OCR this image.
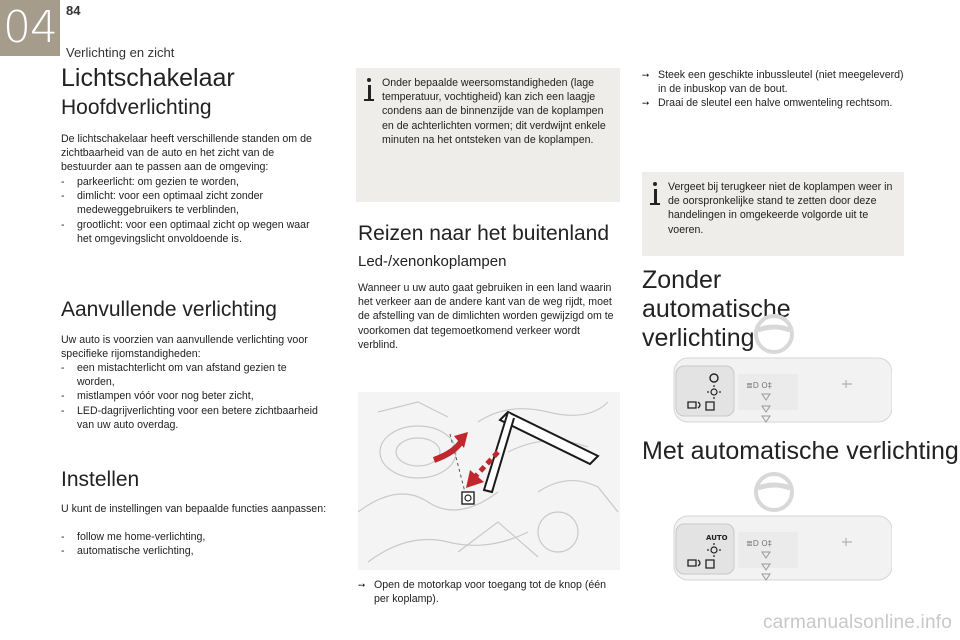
04 84
Verlichting en zicht
Lichtschakelaar
Hoofdverlichting
De lichtschakelaar heeft verschillende standen om de zichtbaarheid van de auto en het zicht van de bestuurder aan te passen aan de omgeving:
- parkeerlicht: om gezien te worden,
- dimlicht: voor een optimaal zicht zonder medeweggebruikers te verblinden,
- grootlicht: voor een optimaal zicht op wegen waar het omgevingslicht onvoldoende is.
Aanvullende verlichting
Uw auto is voorzien van aanvullende verlichting voor specifieke rijomstandigheden:
- een mistachterlicht om van afstand gezien te worden,
- mistlampen vóór voor nog beter zicht,
- LED-dagrijverlichting voor een betere zichtbaarheid van uw auto overdag.
Instellen
U kunt de instellingen van bepaalde functies aanpassen:
- follow me home-verlichting,
- automatische verlichting,
Onder bepaalde weersomstandigheden (lage temperatuur, vochtigheid) kan zich een laagje condens aan de binnenzijde van de koplampen en de achterlichten vormen; dit verdwijnt enkele minuten na het ontsteken van de koplampen.
Reizen naar het buitenland
Led-/xenonkoplampen
Wanneer u uw auto gaat gebruiken in een land waarin het verkeer aan de andere kant van de weg rijdt, moet de afstelling van de dimlichten worden gewijzigd om te voorkomen dat tegemoetkomend verkeer wordt verblind.
➙ Open de motorkap voor toegang tot de knop (één per koplamp).
➙ Steek een geschikte inbussleutel (niet meegeleverd) in de inbuskop van de bout.
➙ Draai de sleutel een halve omwenteling rechtsom.
Vergeet bij terugkeer niet de koplampen weer in de oorspronkelijke stand te zetten door deze handelingen in omgekeerde volgorde uit te voeren.
Zonder automatische verlichting
≣D O‡
Met automatische verlichting
AUTO
≣D O‡
carmanualsonline.info
